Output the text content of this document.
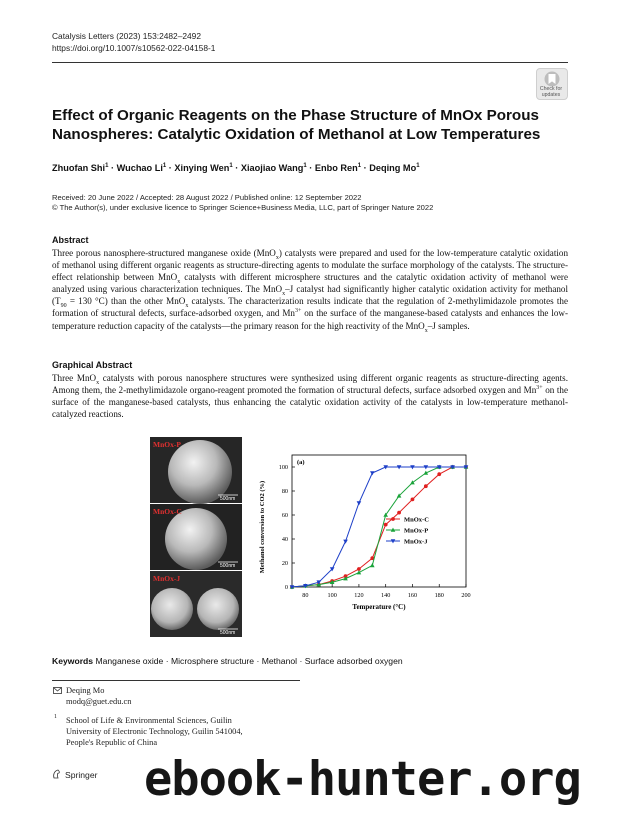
Catalysis Letters (2023) 153:2482–2492
https://doi.org/10.1007/s10562-022-04158-1
Check for
updates
Effect of Organic Reagents on the Phase Structure of MnOx Porous
Nanospheres: Catalytic Oxidation of Methanol at Low Temperatures
Zhuofan Shi$^1$ · Wuchao $Li^1$ · Xinying Wen$^1$ · Xiaojiao Wang$^1$ · Enbo Ren$^1$ · Deqing Mo$^1$
Received: 20 June 2022 / Accepted: 28 August 2022 / Published online: 12 September 2022
© The Author(s), under exclusive licence to Springer Science+Business Media, LLC, part of Springer Nature 2022
Abstract

Three porous nanosphere-structured manganese oxide (MnO$_x$) catalysts were prepared and used for the low-temperature catalytic oxidation of methanol using different organic reagents as structure-directing agents to modulate the surface morphology of the catalysts. The structure-effect relationship between MnO$_x$ catalysts with different microsphere structures and the catalytic oxidation activity of methanol were analyzed using various characterization techniques. The MnO$_x$–J catalyst had significantly higher catalytic oxidation activity for methanol ($T_{90} = 130$ °C) than the other MnO$_x$ catalysts. The characterization results indicate that the regulation of 2-methylimidazole promotes the formation of structural defects, surface-adsorbed oxygen, and $Mn^{3+}$ on the surface of the manganese-based catalysts and enhances the low-temperature reduction capacity of the catalysts—the primary reason for the high reactivity of the MnO$_x$–J samples.

Graphical Abstract

Three MnO$_x$ catalysts with porous nanosphere structures were synthesized using different organic reagents as structure-directing agents. Among them, the 2-methylimidazole organo-reagent promoted the formation of structural defects, surface adsorbed oxygen and $Mn^{3+}$ on the surface of the manganese-based catalysts, thus enhancing the catalytic oxidation activity of the catalysts in low-temperature methanol-catalyzed reactions.

500nm
MnOx-P
500nm
MnOx-C
500nm
MnOx-J
80	100	120	140	160	180	200
0
20
40
60
80
100
Temperature (°C)
Methanol conversion to CO2 (%)
(a)
MnOx-C
MnOx-P
MnOx-J
Keywords Manganese oxide · Microsphere structure · Methanol · Surface adsorbed oxygen
Deqing Mo
modq@guet.edu.cn
1 School of Life & Environmental Sciences, Guilin
University of Electronic Technology, Guilin 541004,
People's Republic of China
Springer ebook-hunter.org
